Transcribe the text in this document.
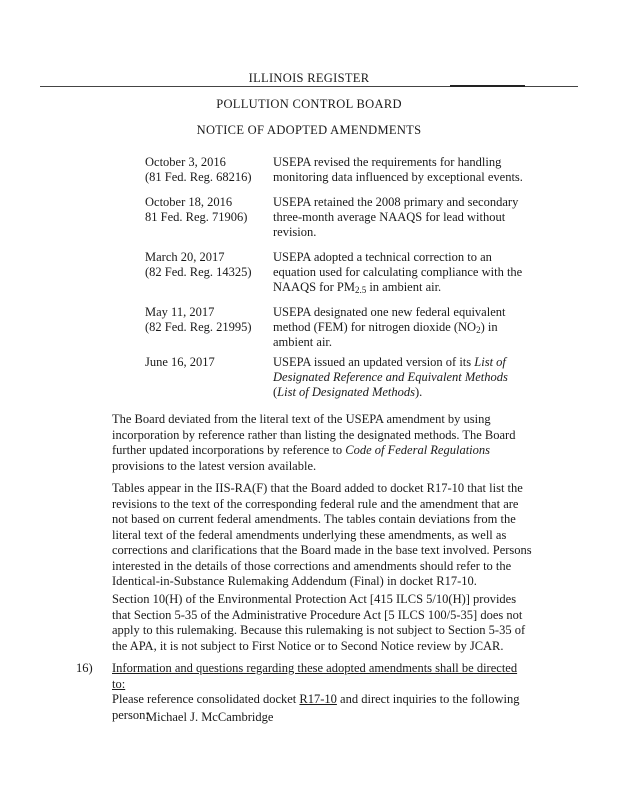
ILLINOIS REGISTER
POLLUTION CONTROL BOARD
NOTICE OF ADOPTED AMENDMENTS
October 3, 2016
(81 Fed. Reg. 68216)
USEPA revised the requirements for handling monitoring data influenced by exceptional events.
October 18, 2016
81 Fed. Reg. 71906)
USEPA retained the 2008 primary and secondary three-month average NAAQS for lead without revision.
March 20, 2017
(82 Fed. Reg. 14325)
USEPA adopted a technical correction to an equation used for calculating compliance with the NAAQS for $PM_{2.5}$ in ambient air.
May 11, 2017
(82 Fed. Reg. 21995)
USEPA designated one new federal equivalent method (FEM) for nitrogen dioxide $(NO_2)$ in ambient air.
June 16, 2017	USEPA issued an updated version of its List of Designated Reference and Equivalent Methods (List of Designated Methods).
The Board deviated from the literal text of the USEPA amendment by using incorporation by reference rather than listing the designated methods. The Board further updated incorporations by reference to Code of Federal Regulations provisions to the latest version available.
Tables appear in the IIS-RA(F) that the Board added to docket R17-10 that list the revisions to the text of the corresponding federal rule and the amendment that are not based on current federal amendments. The tables contain deviations from the literal text of the federal amendments underlying these amendments, as well as corrections and clarifications that the Board made in the base text involved. Persons interested in the details of those corrections and amendments should refer to the Identical-in-Substance Rulemaking Addendum (Final) in docket R17-10.
Section 10(H) of the Environmental Protection Act [415 ILCS 5/10(H)] provides that Section 5-35 of the Administrative Procedure Act [5 ILCS 100/5-35] does not apply to this rulemaking. Because this rulemaking is not subject to Section 5-35 of the APA, it is not subject to First Notice or to Second Notice review by JCAR.
16) Information and questions regarding these adopted amendments shall be directed to:
Please reference consolidated docket R17-10 and direct inquiries to the following person:
Michael J. McCambridge
